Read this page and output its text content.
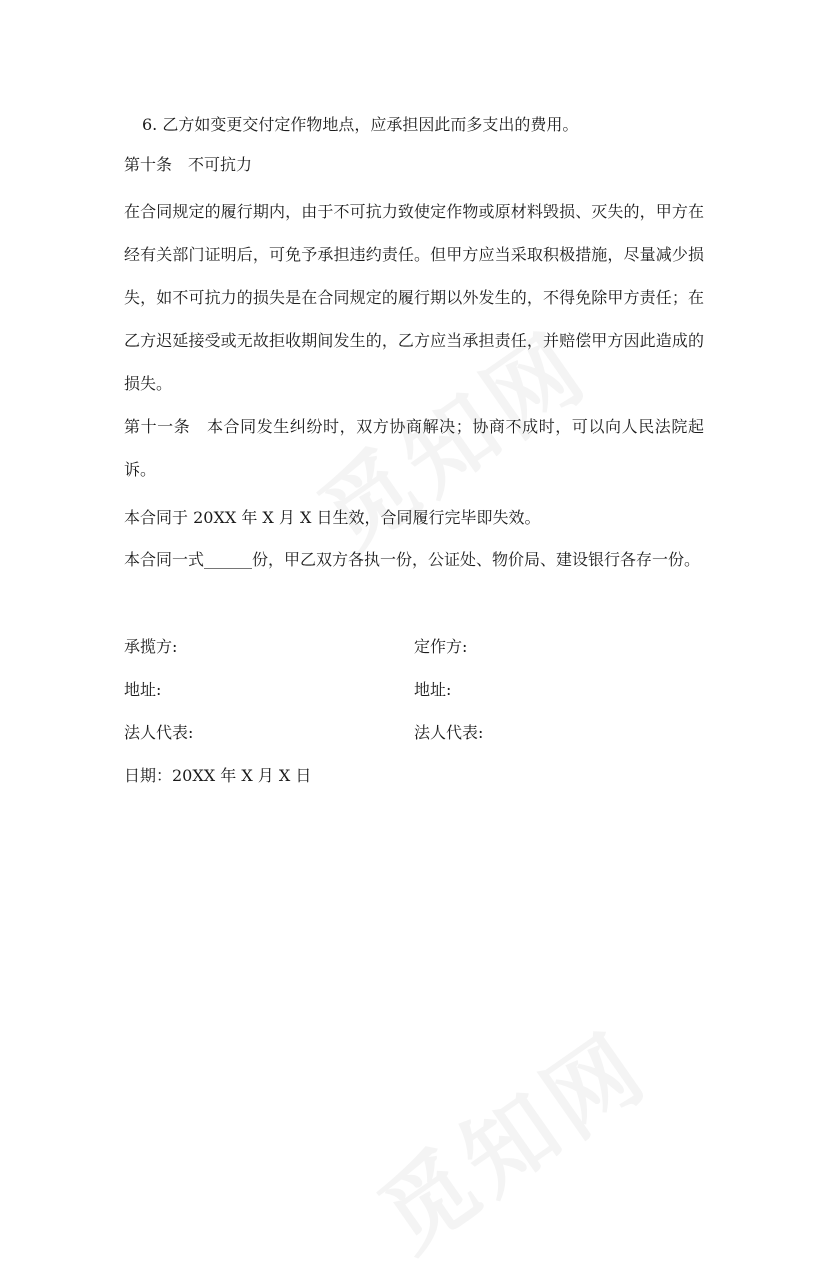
6. 乙方如变更交付定作物地点，应承担因此而多支出的费用。
第十条 不可抗力
在合同规定的履行期内，由于不可抗力致使定作物或原材料毁损、灭失的，甲方在经有关部门证明后，可免予承担违约责任。但甲方应当采取积极措施，尽量减少损失，如不可抗力的损失是在合同规定的履行期以外发生的，不得免除甲方责任；在乙方迟延接受或无故拒收期间发生的，乙方应当承担责任，并赔偿甲方因此造成的损失。
第十一条 本合同发生纠纷时，双方协商解决；协商不成时，可以向人民法院起诉。
本合同于 20XX 年 X 月 X 日生效，合同履行完毕即失效。
本合同一式______份，甲乙双方各执一份，公证处、物价局、建设银行各存一份。
承揽方:	定作方:
地址:	地址:
法人代表:	法人代表:
日期：20XX 年 X 月 X 日
